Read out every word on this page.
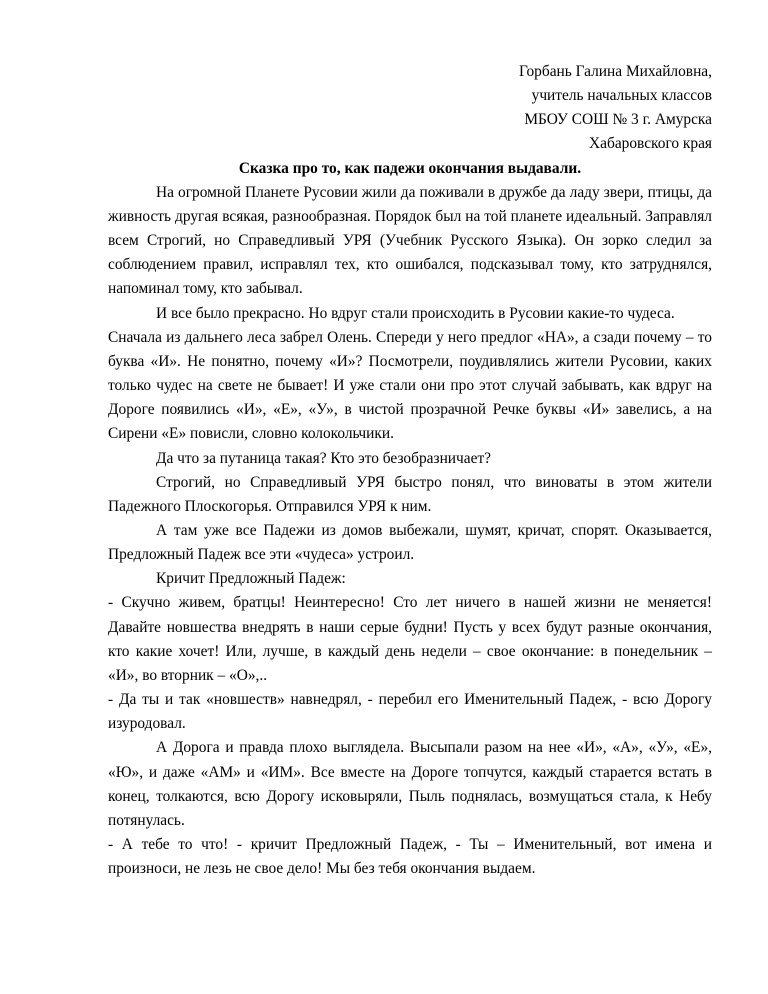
Горбань Галина Михайловна,

учитель начальных классов

МБОУ СОШ № 3 г. Амурска

Хабаровского края

Сказка про то, как падежи окончания выдавали.

На огромной Планете Русовии жили да поживали в дружбе да ладу звери, птицы, да живность другая всякая, разнообразная. Порядок был на той планете идеальный. Заправлял всем Строгий, но Справедливый УРЯ (Учебник Русского Языка). Он зорко следил за соблюдением правил, исправлял тех, кто ошибался, подсказывал тому, кто затруднялся, напоминал тому, кто забывал.

И все было прекрасно. Но вдруг стали происходить в Русовии какие-то чудеса.

Сначала из дальнего леса забрел Олень. Спереди у него предлог «НА», а сзади почему – то буква «И». Не понятно, почему «И»? Посмотрели, поудивлялись жители Русовии, каких только чудес на свете не бывает! И уже стали они про этот случай забывать, как вдруг на Дороге появились «И», «Е», «У», в чистой прозрачной Речке буквы «И» завелись, а на Сирени «Е» повисли, словно колокольчики.

Да что за путаница такая? Кто это безобразничает?

Строгий, но Справедливый УРЯ быстро понял, что виноваты в этом жители Падежного Плоскогорья. Отправился УРЯ к ним.

А там уже все Падежи из домов выбежали, шумят, кричат, спорят. Оказывается, Предложный Падеж все эти «чудеса» устроил.

Кричит Предложный Падеж:

- Скучно живем, братцы! Неинтересно! Сто лет ничего в нашей жизни не меняется! Давайте новшества внедрять в наши серые будни! Пусть у всех будут разные окончания, кто какие хочет! Или, лучше, в каждый день недели – свое окончание: в понедельник – «И», во вторник – «О»,..

- Да ты и так «новшеств» навнедрял, - перебил его Именительный Падеж, - всю Дорогу изуродовал.

А Дорога и правда плохо выглядела. Высыпали разом на нее «И», «А», «У», «Е», «Ю», и даже «АМ» и «ИМ». Все вместе на Дороге топчутся, каждый старается встать в конец, толкаются, всю Дорогу исковыряли, Пыль поднялась, возмущаться стала, к Небу потянулась.

- А тебе то что! - кричит Предложный Падеж, - Ты – Именительный, вот имена и произноси, не лезь не свое дело! Мы без тебя окончания выдаем.
